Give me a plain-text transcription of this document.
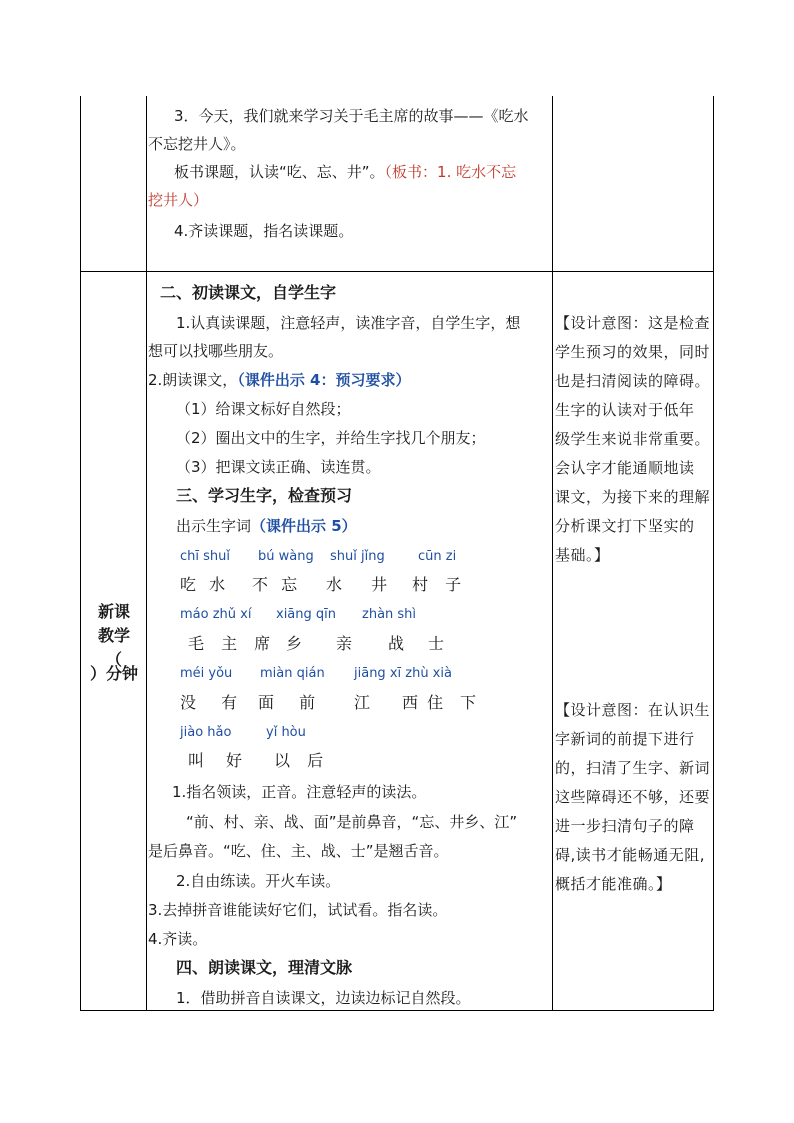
3．今天，我们就来学习关于毛主席的故事——《吃水
不忘挖井人》。
板书课题，认读“吃、忘、井”。（板书：1. 吃水不忘
挖井人）
4.齐读课题，指名读课题。
新课
教学
（
）分钟
二、初读课文，自学生字
1.认真读课题，注意轻声，读准字音，自学生字，想
想可以找哪些朋友。
2.朗读课文，（课件出示 4：预习要求）
（1）给课文标好自然段；
（2）圈出文中的生字，并给生字找几个朋友；
（3）把课文读正确、读连贯。
三、学习生字，检查预习
出示生字词（课件出示 5）
chī shuǐ bú wàng shuǐ jǐng	cūn zi
吃 水 不 忘 水 井 村 子
máo zhǔ xí xiāng qīn zhàn shì
毛 主 席 乡 亲 战 士
méi yǒu miàn qián jiāng xī zhù xià
没 有 面 前 江 西 住 下
jiào hǎo	yǐ hòu
叫 好 以 后
1.指名领读，正音。注意轻声的读法。
“前、村、亲、战、面”是前鼻音，“忘、井乡、江”
是后鼻音。“吃、住、主、战、士”是翘舌音。
2.自由练读。开火车读。
3.去掉拼音谁能读好它们，试试看。指名读。
4.齐读。
四、朗读课文，理清文脉
1．借助拼音自读课文，边读边标记自然段。
【设计意图：这是检查
学生预习的效果，同时
也是扫清阅读的障碍。
生字的认读对于低年
级学生来说非常重要。
会认字才能通顺地读
课文，为接下来的理解
分析课文打下坚实的
基础。】
【设计意图：在认识生
字新词的前提下进行
的，扫清了生字、新词
这些障碍还不够，还要
进一步扫清句子的障
碍,读书才能畅通无阻,
概括才能准确。】
